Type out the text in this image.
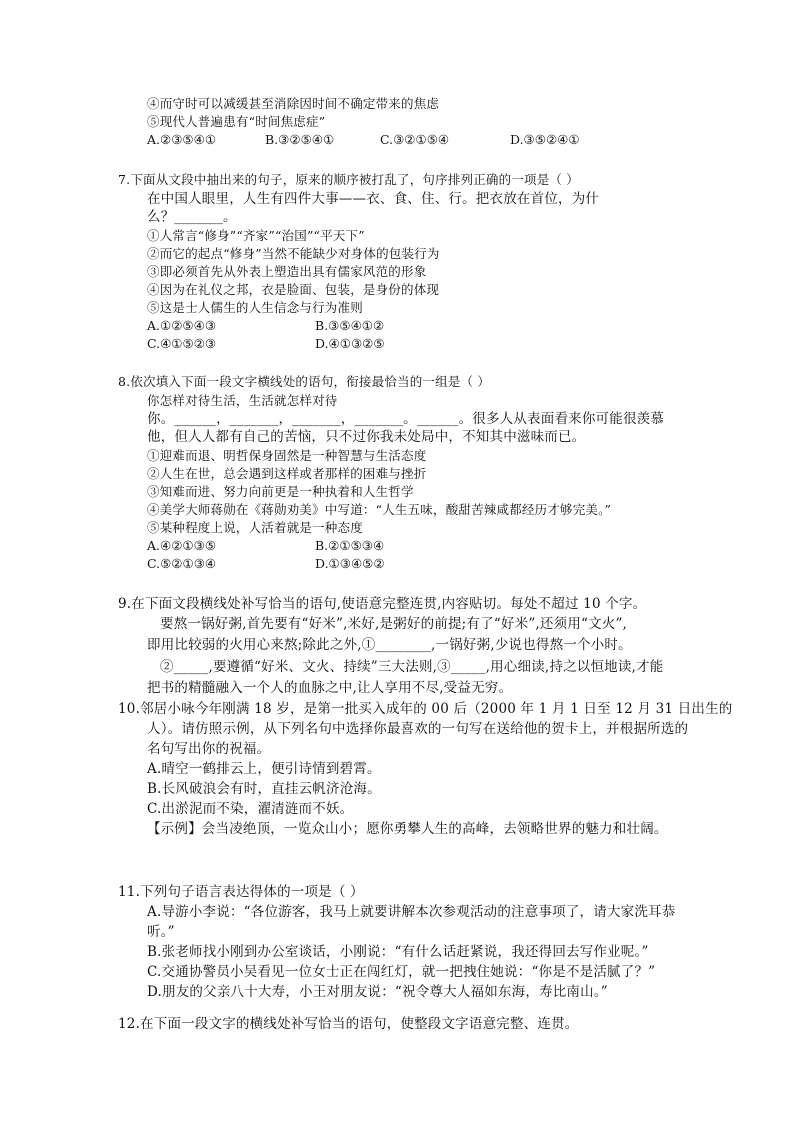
④而守时可以减缓甚至消除因时间不确定带来的焦虑
⑤现代人普遍患有“时间焦虑症”
A.②③⑤④①	B.③②⑤④①	C.③②①⑤④	D.③⑤②④①
7.下面从文段中抽出来的句子，原来的顺序被打乱了，句序排列正确的一项是（ ）
在中国人眼里，人生有四件大事——衣、食、住、行。把衣放在首位，为什
么？_______。
①人常言“修身”“齐家”“治国”“平天下”
②而它的起点“修身”当然不能缺少对身体的包装行为
③即必须首先从外表上塑造出具有儒家风范的形象
④因为在礼仪之邦，衣是脸面、包装，是身份的体现
⑤这是士人儒生的人生信念与行为准则
A.①②⑤④③	B.③⑤④①②
C.④①⑤②③	D.④①③②⑤
8.依次填入下面一段文字横线处的语句，衔接最恰当的一组是（ ）
你怎样对待生活，生活就怎样对待
你。______，_______，_______，_______。______。很多人从表面看来你可能很羡慕
他，但人人都有自己的苦恼，只不过你我未处局中，不知其中滋味而已。
①迎难而退、明哲保身固然是一种智慧与生活态度
②人生在世，总会遇到这样或者那样的困难与挫折
③知难而进、努力向前更是一种执着和人生哲学
④美学大师蒋勋在《蒋勋劝美》中写道：“人生五味，酸甜苦辣咸都经历才够完美。”
⑤某种程度上说，人活着就是一种态度
A.④②①③⑤	B.②①⑤③④
C.⑤②①③④	D.①③④⑤②
9.在下面文段横线处补写恰当的语句,使语意完整连贯,内容贴切。每处不超过 10 个字。
要熬一锅好粥,首先要有“好米”,米好,是粥好的前提;有了“好米”,还须用“文火”,
即用比较弱的火用心来熬;除此之外,①________,一锅好粥,少说也得熬一个小时。
②_____,要遵循“好米、文火、持续”三大法则,③_____,用心细读,持之以恒地读,才能
把书的精髓融入一个人的血脉之中,让人享用不尽,受益无穷。
10.邻居小咏今年刚满 18 岁，是第一批买入成年的 00 后（2000 年 1 月 1 日至 12 月 31 日出生的
人）。请仿照示例，从下列名句中选择你最喜欢的一句写在送给他的贺卡上，并根据所选的
名句写出你的祝福。
A.晴空一鹤排云上，便引诗情到碧霄。
B.长风破浪会有时，直挂云帆济沧海。
C.出淤泥而不染，濯清涟而不妖。
【示例】会当凌绝顶，一览众山小；愿你勇攀人生的高峰，去领略世界的魅力和壮阔。
11.下列句子语言表达得体的一项是（ ）
A.导游小李说：“各位游客，我马上就要讲解本次参观活动的注意事项了，请大家洗耳恭
听。”
B.张老师找小刚到办公室谈话，小刚说：“有什么话赶紧说，我还得回去写作业呢。”
C.交通协警员小吴看见一位女士正在闯红灯，就一把拽住她说：“你是不是活腻了？”
D.朋友的父亲八十大寿，小王对朋友说：“祝令尊大人福如东海，寿比南山。”
12.在下面一段文字的横线处补写恰当的语句，使整段文字语意完整、连贯。
